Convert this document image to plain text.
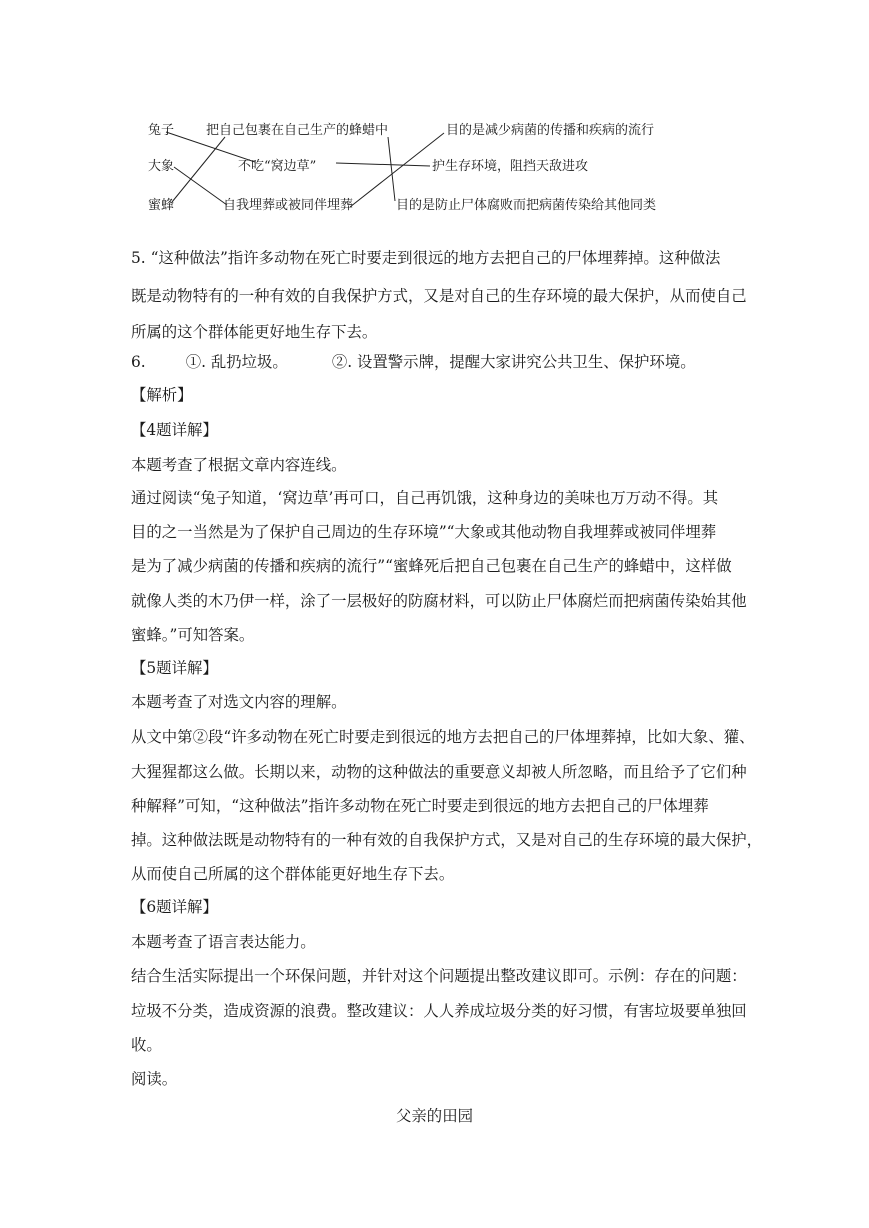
兔子
大象
蜜蜂
把自己包裹在自己生产的蜂蜡中
不吃“窝边草”
自我埋葬或被同伴埋葬
目的是减少病菌的传播和疾病的流行
护生存环境，阻挡天敌进攻
目的是防止尸体腐败而把病菌传染给其他同类
5. “这种做法”指许多动物在死亡时要走到很远的地方去把自己的尸体埋葬掉。这种做法
既是动物特有的一种有效的自我保护方式，又是对自己的生存环境的最大保护，从而使自己
所属的这个群体能更好地生存下去。
6.	①. 乱扔垃圾。	②. 设置警示牌，提醒大家讲究公共卫生、保护环境。
【解析】
【4题详解】
本题考查了根据文章内容连线。
通过阅读“兔子知道，‘窝边草’再可口，自己再饥饿，这种身边的美味也万万动不得。其
目的之一当然是为了保护自己周边的生存环境”“大象或其他动物自我埋葬或被同伴埋葬
是为了减少病菌的传播和疾病的流行”“蜜蜂死后把自己包裹在自己生产的蜂蜡中，这样做
就像人类的木乃伊一样，涂了一层极好的防腐材料，可以防止尸体腐烂而把病菌传染始其他
蜜蜂。”可知答案。
【5题详解】
本题考查了对选文内容的理解。
从文中第②段“许多动物在死亡时要走到很远的地方去把自己的尸体埋葬掉，比如大象、獾、
大猩猩都这么做。长期以来，动物的这种做法的重要意义却被人所忽略，而且给予了它们种
种解释”可知，“这种做法”指许多动物在死亡时要走到很远的地方去把自己的尸体埋葬
掉。这种做法既是动物特有的一种有效的自我保护方式，又是对自己的生存环境的最大保护，
从而使自己所属的这个群体能更好地生存下去。
【6题详解】
本题考查了语言表达能力。
结合生活实际提出一个环保问题，并针对这个问题提出整改建议即可。示例：存在的问题：
垃圾不分类，造成资源的浪费。整改建议：人人养成垃圾分类的好习惯，有害垃圾要单独回
收。
阅读。
父亲的田园
